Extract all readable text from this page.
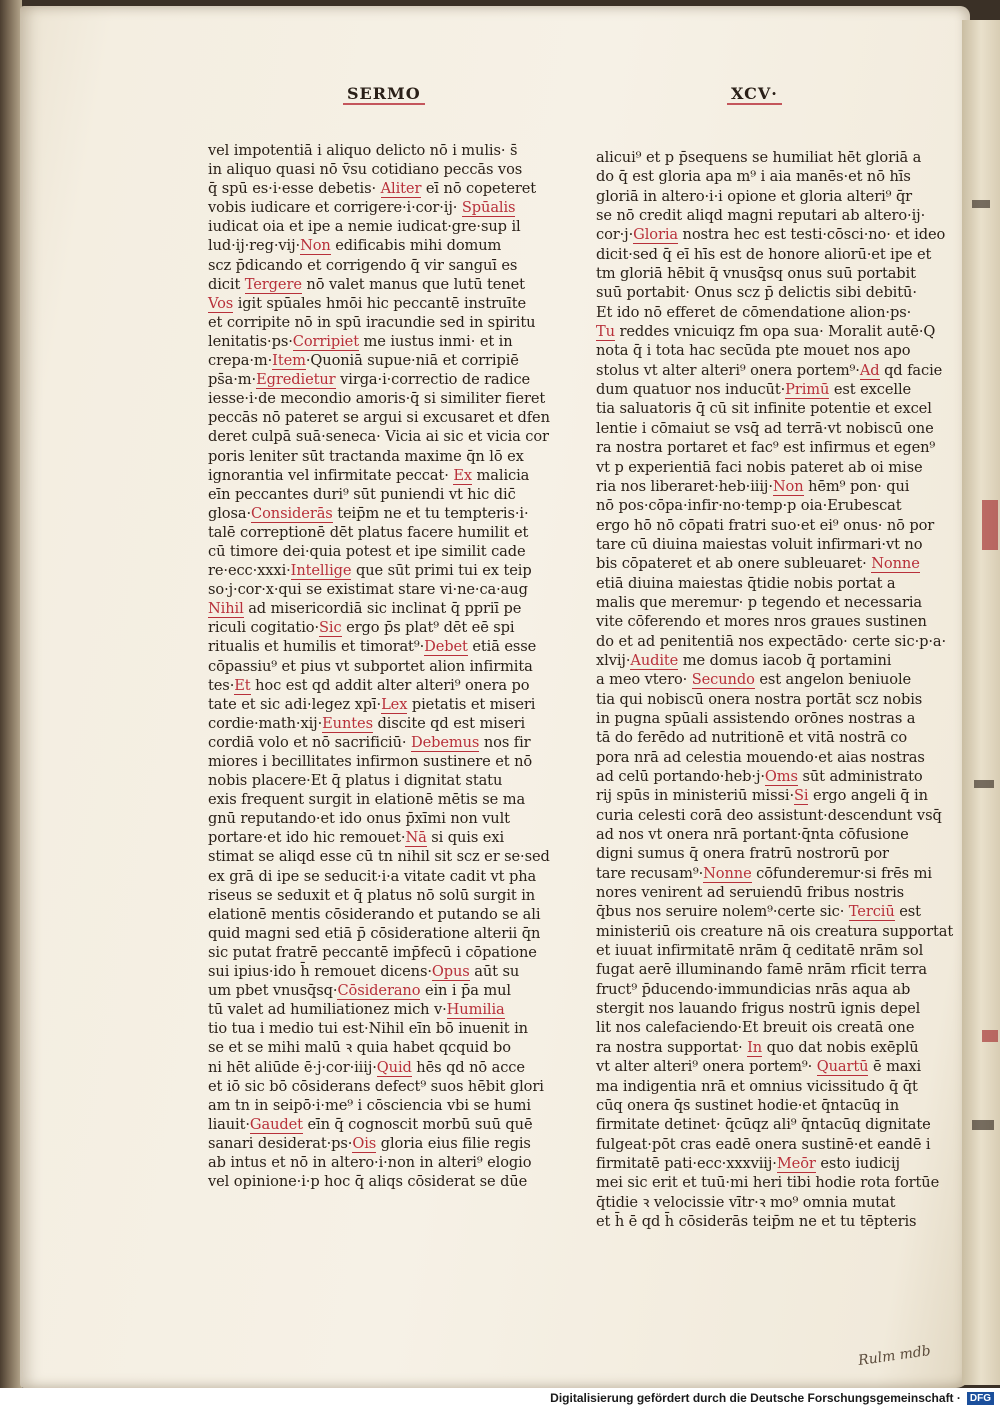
SERMO	XCV·
vel impotentiā i aliquo delicto nō i mulis· s̄
in aliquo quasi nō v̄su cotidiano peccās vos
q̄ spū es·i·esse debetis· Aliter eī nō copeteret
vobis iudicare et corrigere·i·cor·ij· Spūalis
iudicat oia et ipe a nemie iudicat·gre·sup il
lud·ij·reg·vij·Non edificabis mihi domum
scz p̄dicando et corrigendo q̄ vir sanguī es
dicit Tergere nō valet manus que lutū tenet
Vos igit spūales hmōi hic peccantē instruīte
et corripite nō in spū iracundie sed in spiritu
lenitatis·ps·Corripiet me iustus inmi· et in
crepa·m·Item·Quoniā supue·niā et corripiē
ps̄a·m·Egredietur virga·i·correctio de radice
iesse·i·de mecondio amoris·q̄ si similiter fieret
peccās nō pateret se argui si excusaret et dfen
deret culpā suā·seneca· Vicia ai sic et vicia cor
poris leniter sūt tractanda maxime q̄n lō ex
ignorantia vel infirmitate peccat· Ex malicia
eīn peccantes duri⁹ sūt puniendi vt hic dic̄
glosa·Considerās teip̄m ne et tu tempteris·i·
talē correptionē dēt platus facere humilit et
cū timore dei·quia potest et ipe similit cade
re·ecc·xxxi·Intellige que sūt primi tui ex teip
so·j·cor·x·qui se existimat stare vi·ne·ca·aug
Nihil ad misericordiā sic inclinat q̄ ppriī pe
riculi cogitatio·Sic ergo p̄s plat⁹ dēt eē spi
ritualis et humilis et timorat⁹·Debet etiā esse
cōpassiu⁹ et pius vt subportet alion infirmita
tes·Et hoc est qd addit alter alteri⁹ onera po
tate et sic adi·legez xpī·Lex pietatis et miseri
cordie·math·xij·Euntes discite qd est miseri
cordiā volo et nō sacrificiū· Debemus nos fir
miores i becillitates infirmon sustinere et nō
nobis placere·Et q̄ platus i dignitat statu
exis frequent surgit in elationē mētis se ma
gnū reputando·et ido onus p̄xīmi non vult
portare·et ido hic remouet·Nā si quis exi
stimat se aliqd esse cū tn nihil sit scz er se·sed
ex grā di ipe se seducit·i·a vitate cadit vt pha
riseus se seduxit et q̄ platus nō solū surgit in
elationē mentis cōsiderando et putando se ali
quid magni sed etiā p̄ cōsideratione alterii q̄n
sic putat fratrē peccantē imp̄fecū i cōpatione
sui ipius·ido h̄ remouet dicens·Opus aūt su
um pbet vnusq̄sq·Cōsiderano ein i p̄a mul
tū valet ad humiliationez mich v·Humilia
tio tua i medio tui est·Nihil eīn bō inuenit in
se et se mihi malū ꝛ quia habet qcquid bo
ni hēt aliūde ē·j·cor·iiij·Quid hēs qd nō acce
et iō sic bō cōsiderans defect⁹ suos hēbit glori
am tn in seipō·i·me⁹ i cōsciencia vbi se humi
liauit·Gaudet eīn q̄ cognoscit morbū suū quē
sanari desiderat·ps·Ois gloria eius filie regis
ab intus et nō in altero·i·non in alteri⁹ elogio
vel opinione·i·p hoc q̄ aliqs cōsiderat se dūe
alicui⁹ et p p̄sequens se humiliat hēt gloriā a
do q̄ est gloria apa m⁹ i aia manēs·et nō hīs
gloriā in altero·i·i opione et gloria alteri⁹ q̄r
se nō credit aliqd magni reputari ab altero·ij·
cor·j·Gloria nostra hec est testi·cōsci·no· et ideo
dicit·sed q̄ eī hīs est de honore aliorū·et ipe et
tm gloriā hēbit q̄ vnusq̄sq onus suū portabit
suū portabit· Onus scz p̄ delictis sibi debitū·
Et ido nō efferet de cōmendatione alion·ps·
Tu reddes vnicuiqz fm opa sua· Moralit autē·Q
nota q̄ i tota hac secūda pte mouet nos apo
stolus vt alter alteri⁹ onera portem⁹·Ad qd facie
dum quatuor nos inducūt·Primū est excelle
tia saluatoris q̄ cū sit infinite potentie et excel
lentie i cōmaiut se vsq̄ ad terrā·vt nobiscū one
ra nostra portaret et fac⁹ est infirmus et egen⁹
vt p experientiā faci nobis pateret ab oi mise
ria nos liberaret·heb·iiij·Non hēm⁹ pon· qui
nō pos·cōpa·infir·no·temp·p oia·Erubescat
ergo hō nō cōpati fratri suo·et ei⁹ onus· nō por
tare cū diuina maiestas voluit infirmari·vt no
bis cōpateret et ab onere subleuaret· Nonne
etiā diuina maiestas q̄tidie nobis portat a
malis que meremur· p tegendo et necessaria
vite cōferendo et mores nros graues sustinen
do et ad penitentiā nos expectādo· certe sic·p·a·
xlvij·Audite me domus iacob q̄ portamini
a meo vtero· Secundo est angelon beniuole
tia qui nobiscū onera nostra portāt scz nobis
in pugna spūali assistendo orōnes nostras a
tā do ferēdo ad nutritionē et vitā nostrā co
pora nrā ad celestia mouendo·et aias nostras
ad celū portando·heb·j·Oms sūt administrato
rij spūs in ministeriū missi·Si ergo angeli q̄ in
curia celesti corā deo assistunt·descendunt vsq̄
ad nos vt onera nrā portant·q̄nta cōfusione
digni sumus q̄ onera fratrū nostrorū por
tare recusam⁹·Nonne cōfunderemur·si frēs mi
nores venirent ad seruiendū fribus nostris
q̄bus nos seruire nolem⁹·certe sic· Terciū est
ministeriū ois creature nā ois creatura supportat
et iuuat infirmitatē nrām q̄ ceditatē nrām sol
fugat aerē illuminando famē nrām rficit terra
fruct⁹ p̄ducendo·immundicias nrās aqua ab
stergit nos lauando frigus nostrū ignis depel
lit nos calefaciendo·Et breuit ois creatā one
ra nostra supportat· In quo dat nobis exēplū
vt alter alteri⁹ onera portem⁹· Quartū ē maxi
ma indigentia nrā et omnius vicissitudo q̄ q̄t
cūq onera q̄s sustinet hodie·et q̄ntacūq in
firmitate detinet· q̄cūqz ali⁹ q̄ntacūq dignitate
fulgeat·pōt cras eadē onera sustinē·et eandē i
firmitatē pati·ecc·xxxviij·Meōr esto iudicij
mei sic erit et tuū·mi heri tibi hodie rota fortūe
q̄tidie ꝛ velocissie vītr·ꝛ mo⁹ omnia mutat
et h̄ ē qd h̄ cōsiderās teip̄m ne et tu tēpteris
Rulm mdb
Digitalisierung gefördert durch die Deutsche Forschungsgemeinschaft · DFG
